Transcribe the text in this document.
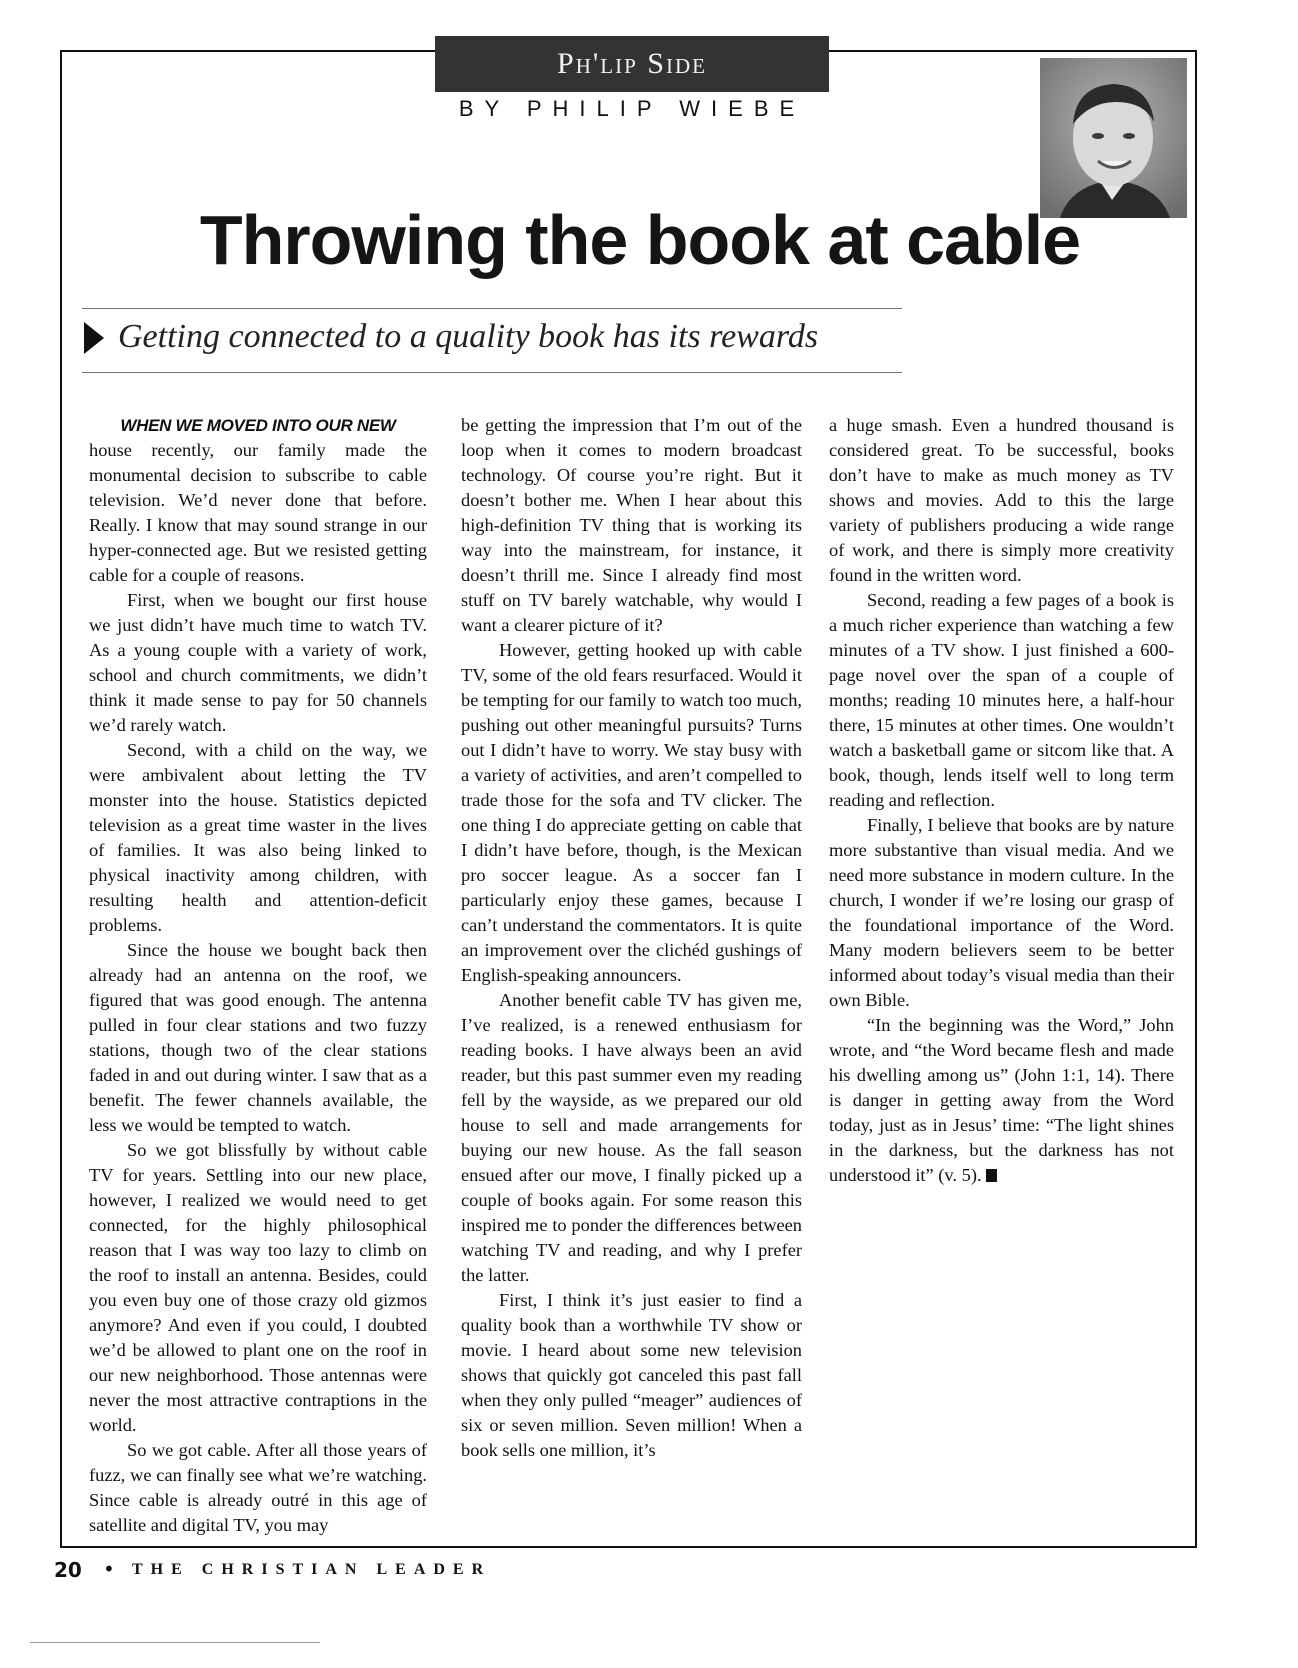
Ph'lip Side
BY PHILIP WIEBE
Throwing the book at cable
Getting connected to a quality book has its rewards
WHEN WE MOVED INTO OUR NEW

house recently, our family made the monumental decision to subscribe to cable television. We’d never done that before. Really. I know that may sound strange in our hyper-connected age. But we resisted getting cable for a couple of reasons.

First, when we bought our first house we just didn’t have much time to watch TV. As a young couple with a variety of work, school and church commitments, we didn’t think it made sense to pay for 50 channels we’d rarely watch.

Second, with a child on the way, we were ambivalent about letting the TV monster into the house. Statistics depicted television as a great time waster in the lives of families. It was also being linked to physical inactivity among children, with resulting health and attention-deficit problems.

Since the house we bought back then already had an antenna on the roof, we figured that was good enough. The antenna pulled in four clear stations and two fuzzy stations, though two of the clear stations faded in and out during winter. I saw that as a benefit. The fewer channels available, the less we would be tempted to watch.

So we got blissfully by without cable TV for years. Settling into our new place, however, I realized we would need to get connected, for the highly philosophical reason that I was way too lazy to climb on the roof to install an antenna. Besides, could you even buy one of those crazy old gizmos anymore? And even if you could, I doubted we’d be allowed to plant one on the roof in our new neighborhood. Those antennas were never the most attractive contraptions in the world.

So we got cable. After all those years of fuzz, we can finally see what we’re watching. Since cable is already outré in this age of satellite and digital TV, you may

be getting the impression that I’m out of the loop when it comes to modern broadcast technology. Of course you’re right. But it doesn’t bother me. When I hear about this high-definition TV thing that is working its way into the mainstream, for instance, it doesn’t thrill me. Since I already find most stuff on TV barely watchable, why would I want a clearer picture of it?

However, getting hooked up with cable TV, some of the old fears resurfaced. Would it be tempting for our family to watch too much, pushing out other meaningful pursuits? Turns out I didn’t have to worry. We stay busy with a variety of activities, and aren’t compelled to trade those for the sofa and TV clicker. The one thing I do appreciate getting on cable that I didn’t have before, though, is the Mexican pro soccer league. As a soccer fan I particularly enjoy these games, because I can’t understand the commentators. It is quite an improvement over the clichéd gushings of English-speaking announcers.

Another benefit cable TV has given me, I’ve realized, is a renewed enthusiasm for reading books. I have always been an avid reader, but this past summer even my reading fell by the wayside, as we prepared our old house to sell and made arrangements for buying our new house. As the fall season ensued after our move, I finally picked up a couple of books again. For some reason this inspired me to ponder the differences between watching TV and reading, and why I prefer the latter.

First, I think it’s just easier to find a quality book than a worthwhile TV show or movie. I heard about some new television shows that quickly got canceled this past fall when they only pulled “meager” audiences of six or seven million. Seven million! When a book sells one million, it’s

a huge smash. Even a hundred thousand is considered great. To be successful, books don’t have to make as much money as TV shows and movies. Add to this the large variety of publishers producing a wide range of work, and there is simply more creativity found in the written word.

Second, reading a few pages of a book is a much richer experience than watching a few minutes of a TV show. I just finished a 600-page novel over the span of a couple of months; reading 10 minutes here, a half-hour there, 15 minutes at other times. One wouldn’t watch a basketball game or sitcom like that. A book, though, lends itself well to long term reading and reflection.

Finally, I believe that books are by nature more substantive than visual media. And we need more substance in modern culture. In the church, I wonder if we’re losing our grasp of the foundational importance of the Word. Many modern believers seem to be better informed about today’s visual media than their own Bible.

“In the beginning was the Word,” John wrote, and “the Word became flesh and made his dwelling among us” (John 1:1, 14). There is danger in getting away from the Word today, just as in Jesus’ time: “The light shines in the darkness, but the darkness has not understood it” (v. 5).

20 • THE CHRISTIAN LEADER
